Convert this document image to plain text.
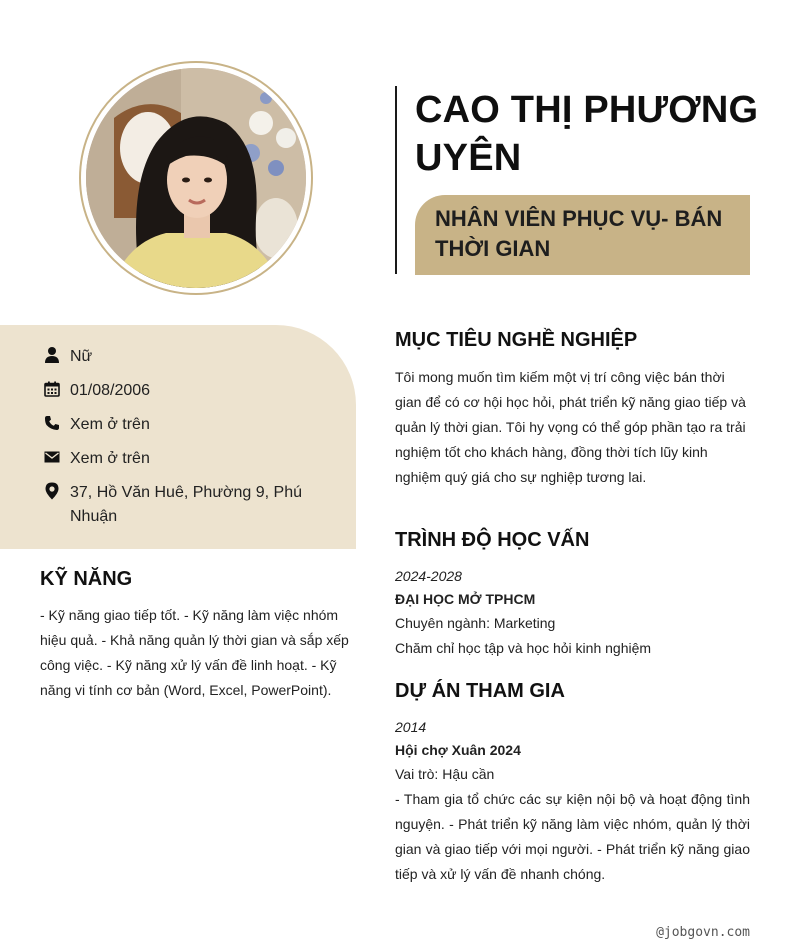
CAO THỊ PHƯƠNG UYÊN
NHÂN VIÊN PHỤC VỤ- BÁN THỜI GIAN
Nữ
01/08/2006
Xem ở trên
Xem ở trên
37, Hồ Văn Huê, Phường 9, Phú Nhuận
KỸ NĂNG
- Kỹ năng giao tiếp tốt. - Kỹ năng làm việc nhóm hiệu quả. - Khả năng quản lý thời gian và sắp xếp công việc. - Kỹ năng xử lý vấn đề linh hoạt. - Kỹ năng vi tính cơ bản (Word, Excel, PowerPoint).
MỤC TIÊU NGHỀ NGHIỆP
Tôi mong muốn tìm kiếm một vị trí công việc bán thời gian để có cơ hội học hỏi, phát triển kỹ năng giao tiếp và quản lý thời gian. Tôi hy vọng có thể góp phần tạo ra trải nghiệm tốt cho khách hàng, đồng thời tích lũy kinh nghiệm quý giá cho sự nghiệp tương lai.
TRÌNH ĐỘ HỌC VẤN
2024-2028
ĐẠI HỌC MỞ TPHCM
Chuyên ngành: Marketing
Chăm chỉ học tập và học hỏi kinh nghiệm
DỰ ÁN THAM GIA
2014
Hội chợ Xuân 2024
Vai trò: Hậu cần
- Tham gia tổ chức các sự kiện nội bộ và hoạt động tình nguyện. - Phát triển kỹ năng làm việc nhóm, quản lý thời gian và giao tiếp với mọi người. - Phát triển kỹ năng giao tiếp và xử lý vấn đề nhanh chóng.
@jobgovn.com
